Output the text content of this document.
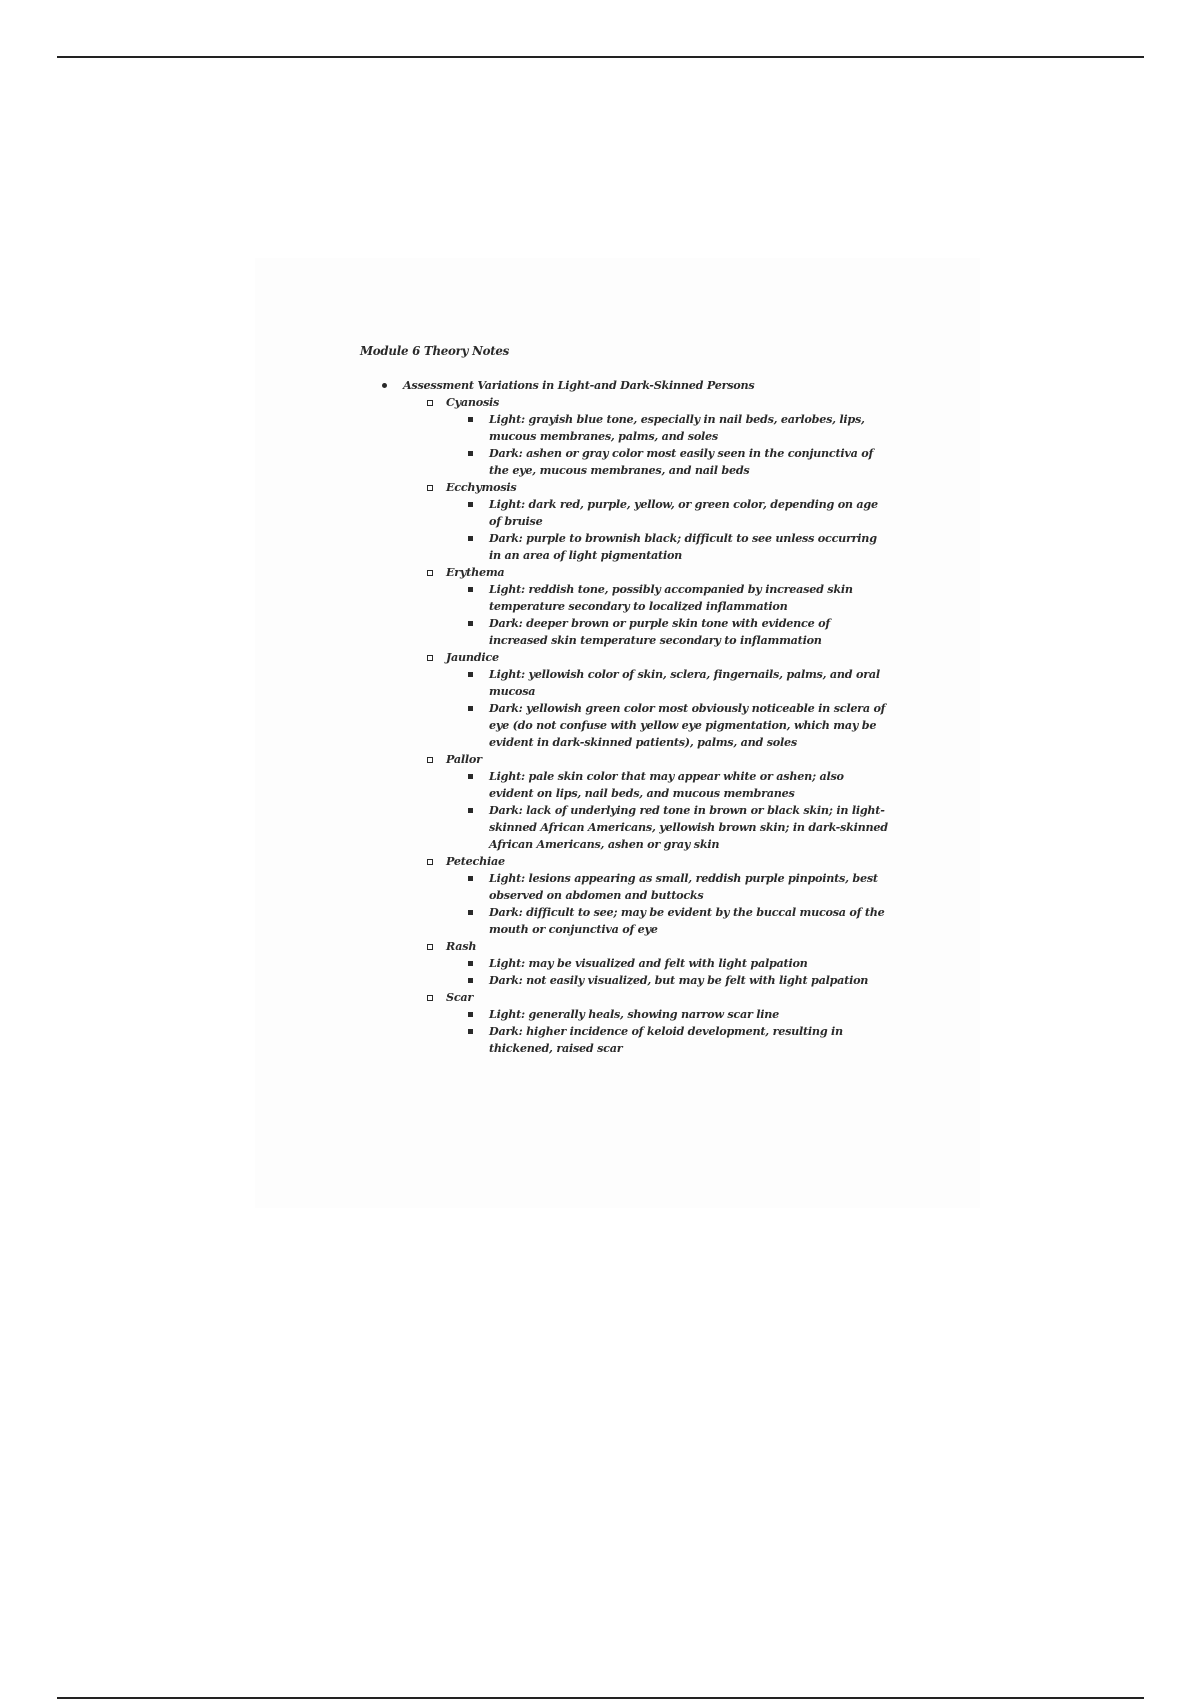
Module 6 Theory Notes
Assessment Variations in Light-and Dark-Skinned Persons
Cyanosis
Light: grayish blue tone, especially in nail beds, earlobes, lips, mucous membranes, palms, and soles
Dark: ashen or gray color most easily seen in the conjunctiva of the eye, mucous membranes, and nail beds
Ecchymosis
Light: dark red, purple, yellow, or green color, depending on age of bruise
Dark: purple to brownish black; difficult to see unless occurring in an area of light pigmentation
Erythema
Light: reddish tone, possibly accompanied by increased skin temperature secondary to localized inflammation
Dark: deeper brown or purple skin tone with evidence of increased skin temperature secondary to inflammation
Jaundice
Light: yellowish color of skin, sclera, fingernails, palms, and oral mucosa
Dark: yellowish green color most obviously noticeable in sclera of eye (do not confuse with yellow eye pigmentation, which may be evident in dark-skinned patients), palms, and soles
Pallor
Light: pale skin color that may appear white or ashen; also evident on lips, nail beds, and mucous membranes
Dark: lack of underlying red tone in brown or black skin; in light-skinned African Americans, yellowish brown skin; in dark-skinned African Americans, ashen or gray skin
Petechiae
Light: lesions appearing as small, reddish purple pinpoints, best observed on abdomen and buttocks
Dark: difficult to see; may be evident by the buccal mucosa of the mouth or conjunctiva of eye
Rash
Light: may be visualized and felt with light palpation
Dark: not easily visualized, but may be felt with light palpation
Scar
Light: generally heals, showing narrow scar line
Dark: higher incidence of keloid development, resulting in thickened, raised scar
